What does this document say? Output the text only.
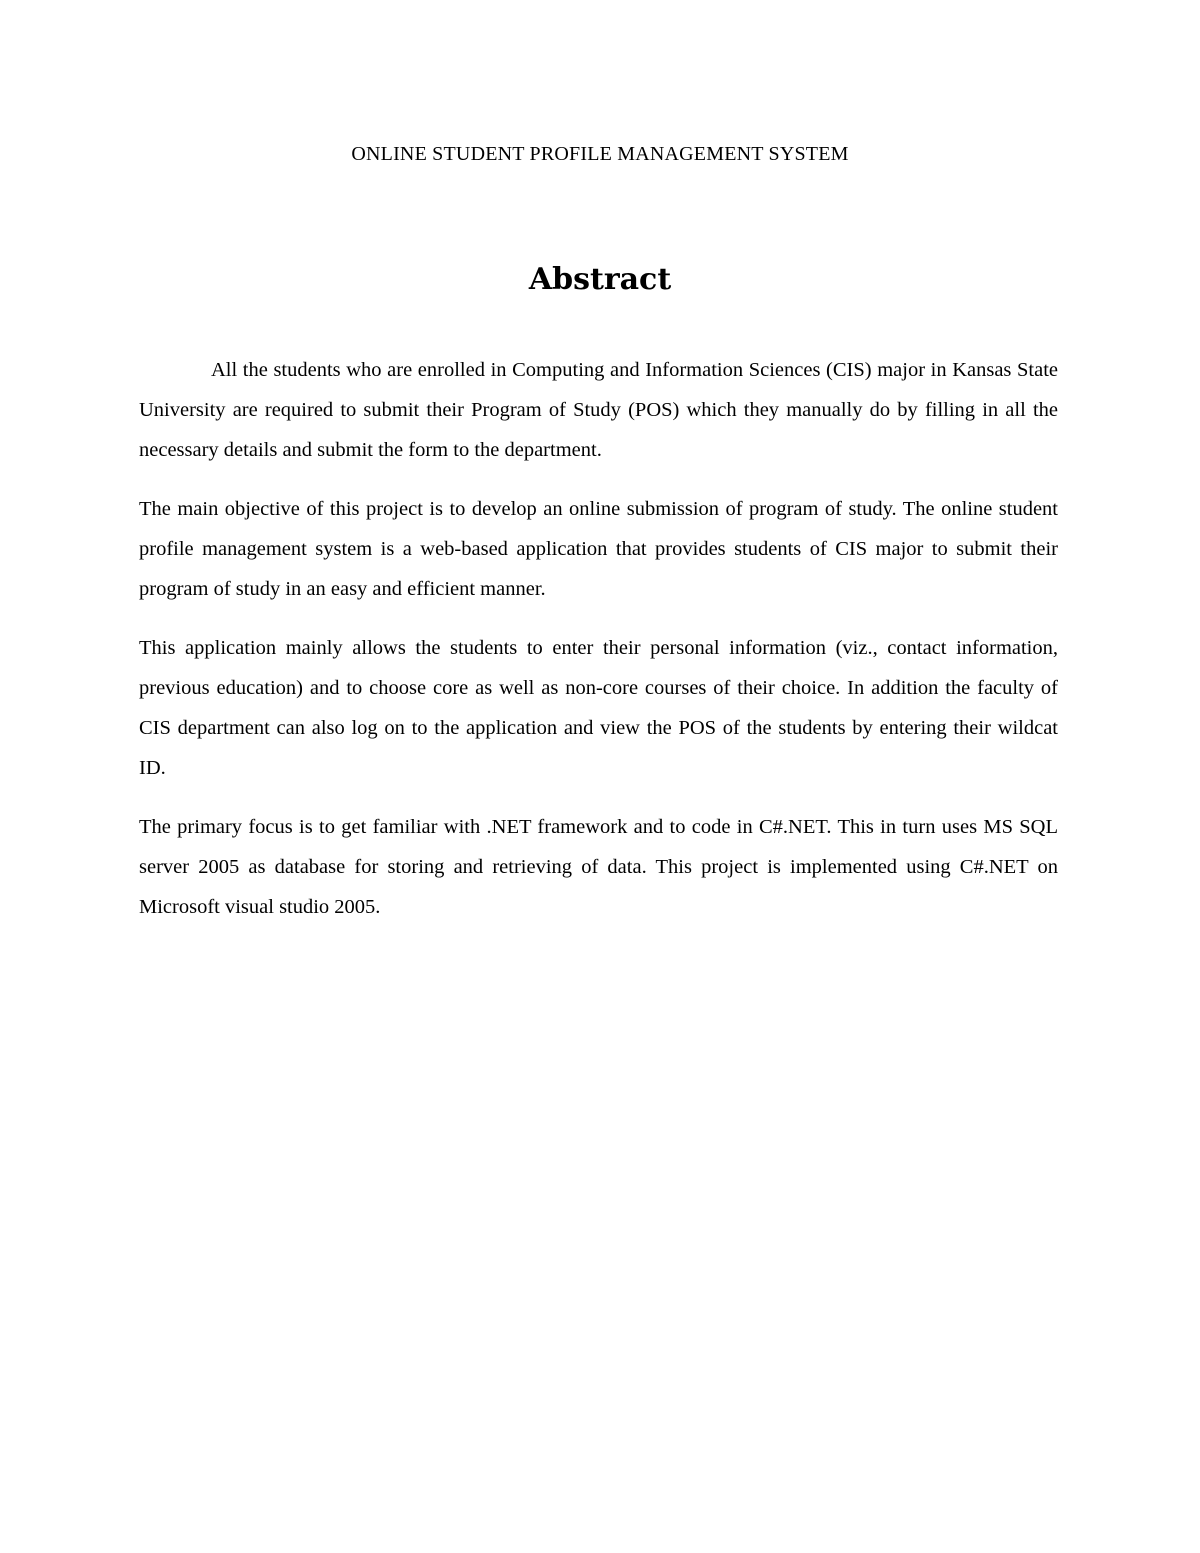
ONLINE STUDENT PROFILE MANAGEMENT SYSTEM
Abstract

All the students who are enrolled in Computing and Information Sciences (CIS) major in Kansas State University are required to submit their Program of Study (POS) which they manually do by filling in all the necessary details and submit the form to the department.

The main objective of this project is to develop an online submission of program of study. The online student profile management system is a web-based application that provides students of CIS major to submit their program of study in an easy and efficient manner.

This application mainly allows the students to enter their personal information (viz., contact information, previous education) and to choose core as well as non-core courses of their choice. In addition the faculty of CIS department can also log on to the application and view the POS of the students by entering their wildcat ID.

The primary focus is to get familiar with .NET framework and to code in C#.NET. This in turn uses MS SQL server 2005 as database for storing and retrieving of data. This project is implemented using C#.NET on Microsoft visual studio 2005.
